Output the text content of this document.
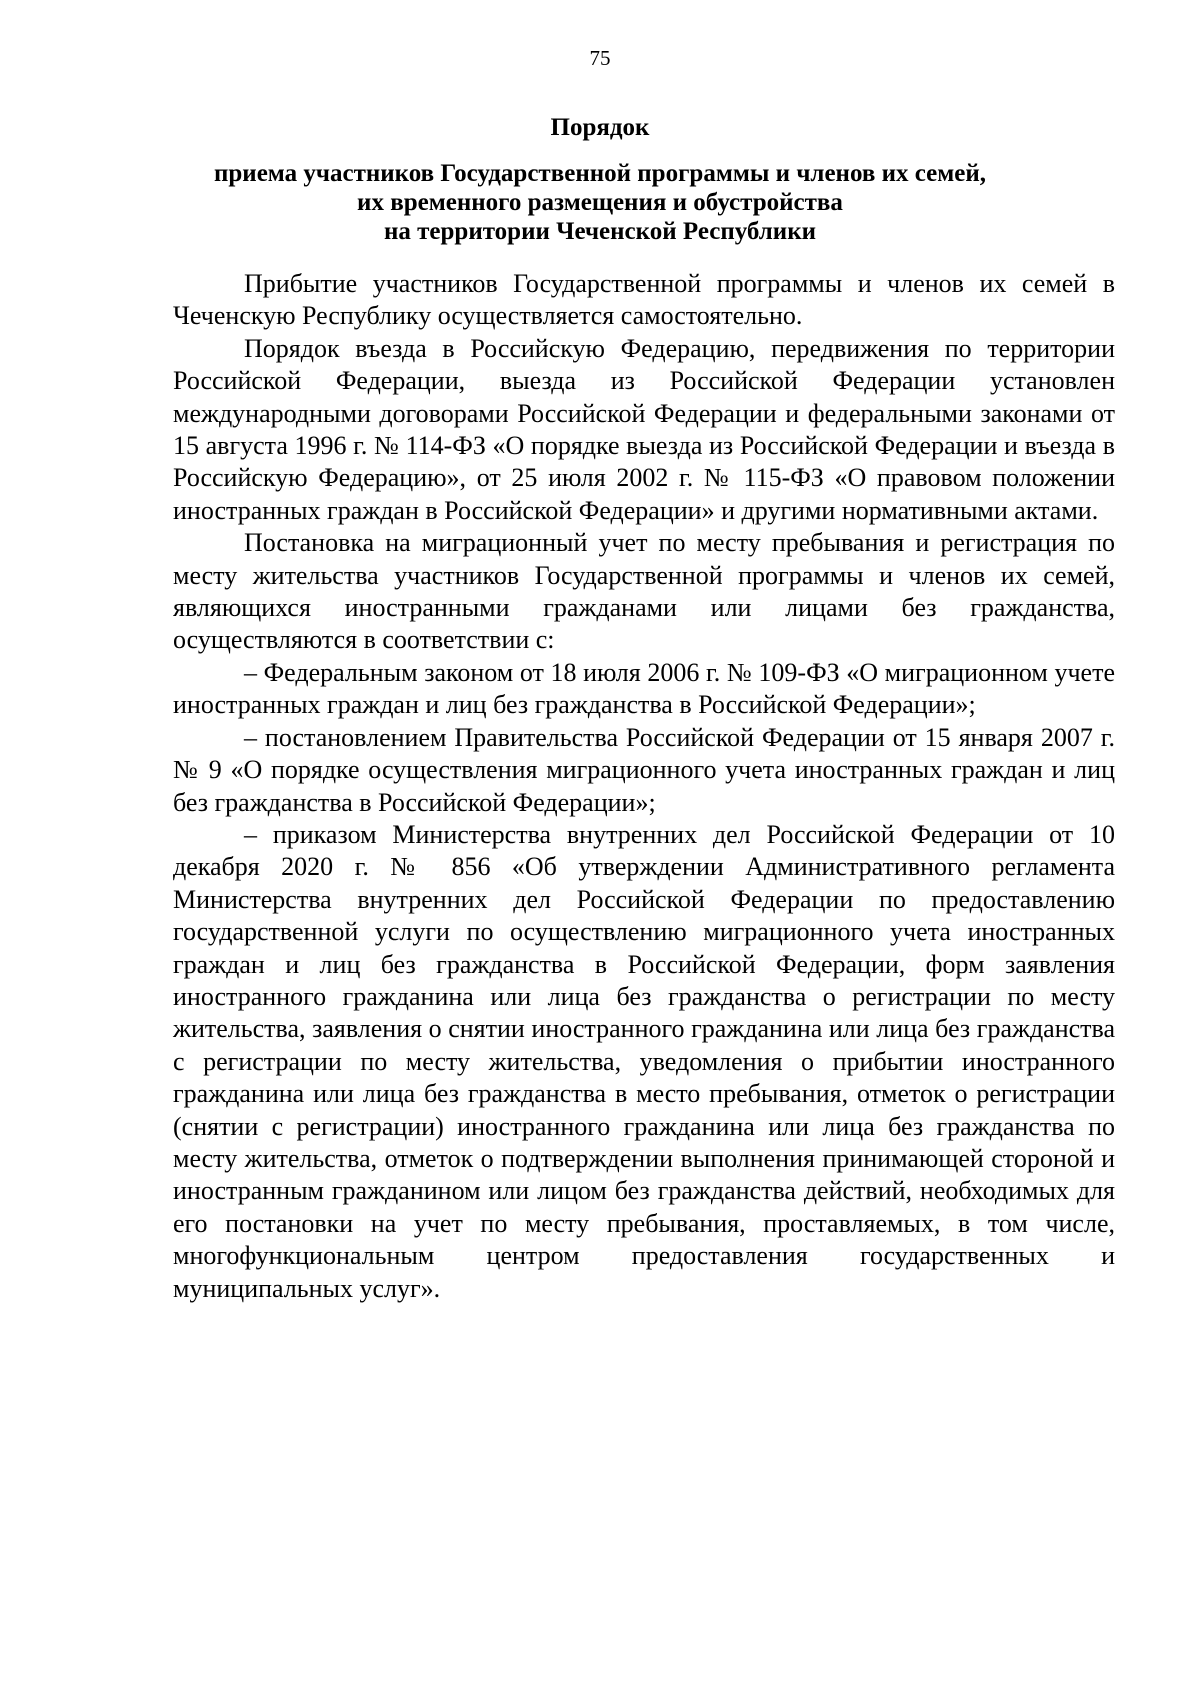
75

Порядок

приема участников Государственной программы и членов их семей,

их временного размещения и обустройства

на территории Чеченской Республики

Прибытие участников Государственной программы и членов их семей в Чеченскую Республику осуществляется самостоятельно.

Порядок въезда в Российскую Федерацию, передвижения по территории Российской Федерации, выезда из Российской Федерации установлен международными договорами Российской Федерации и федеральными законами от 15 августа 1996 г. № 114-ФЗ «О порядке выезда из Российской Федерации и въезда в Российскую Федерацию», от 25 июля 2002 г. № 115-ФЗ «О правовом положении иностранных граждан в Российской Федерации» и другими нормативными актами.

Постановка на миграционный учет по месту пребывания и регистрация по месту жительства участников Государственной программы и членов их семей, являющихся иностранными гражданами или лицами без гражданства, осуществляются в соответствии с:

– Федеральным законом от 18 июля 2006 г. № 109-ФЗ «О миграционном учете иностранных граждан и лиц без гражданства в Российской Федерации»;

– постановлением Правительства Российской Федерации от 15 января 2007 г. № 9 «О порядке осуществления миграционного учета иностранных граждан и лиц без гражданства в Российской Федерации»;

– приказом Министерства внутренних дел Российской Федерации от 10 декабря 2020 г. № 856 «Об утверждении Административного регламента Министерства внутренних дел Российской Федерации по предоставлению государственной услуги по осуществлению миграционного учета иностранных граждан и лиц без гражданства в Российской Федерации, форм заявления иностранного гражданина или лица без гражданства о регистрации по месту жительства, заявления о снятии иностранного гражданина или лица без гражданства с регистрации по месту жительства, уведомления о прибытии иностранного гражданина или лица без гражданства в место пребывания, отметок о регистрации (снятии с регистрации) иностранного гражданина или лица без гражданства по месту жительства, отметок о подтверждении выполнения принимающей стороной и иностранным гражданином или лицом без гражданства действий, необходимых для его постановки на учет по месту пребывания, проставляемых, в том числе, многофункциональным центром предоставления государственных и муниципальных услуг».
